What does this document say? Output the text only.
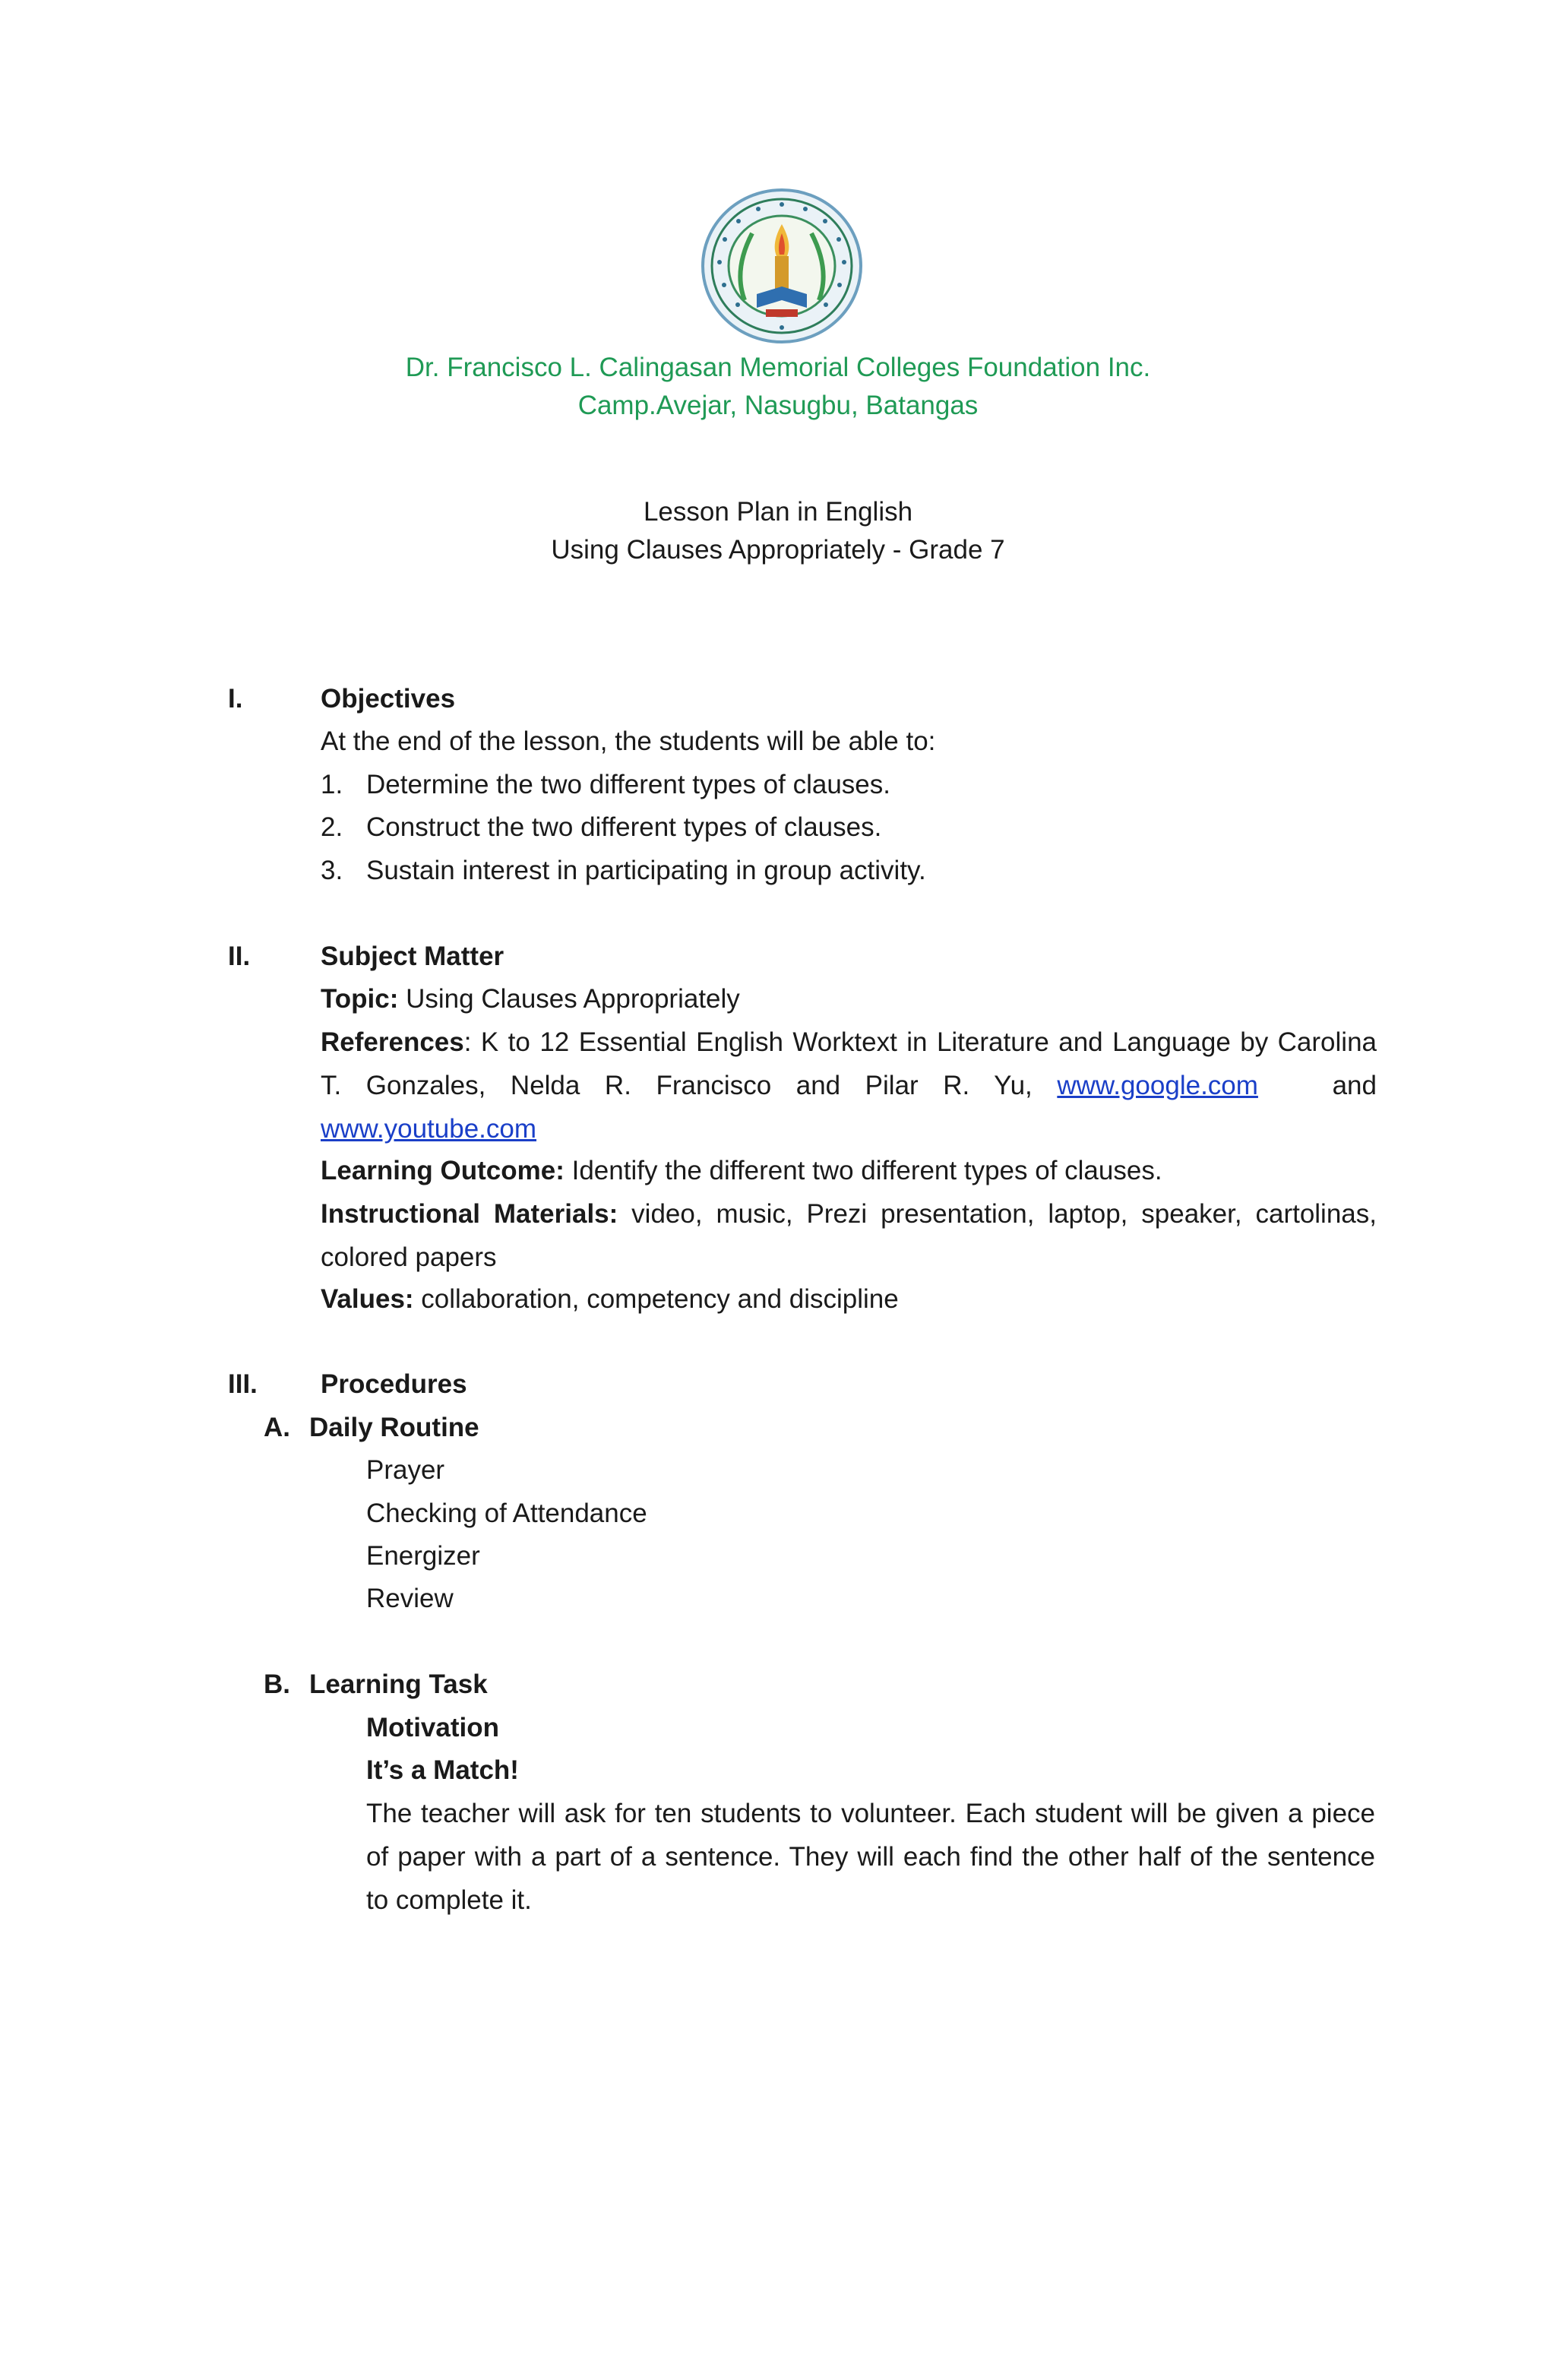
Dr. Francisco L. Calingasan Memorial Colleges Foundation Inc.
Camp.Avejar, Nasugbu, Batangas
Lesson Plan in English
Using Clauses Appropriately - Grade 7
I.	Objectives
At the end of the lesson, the students will be able to:
1. Determine the two different types of clauses.
2. Construct the two different types of clauses.
3. Sustain interest in participating in group activity.
II.	Subject Matter
Topic: Using Clauses Appropriately
References: K to 12 Essential English Worktext in Literature and Language by Carolina T. Gonzales, Nelda R. Francisco and Pilar R. Yu, www.google.com	and www.youtube.com
Learning Outcome: Identify the different two different types of clauses.
Instructional Materials: video, music, Prezi presentation, laptop, speaker, cartolinas, colored papers
Values: collaboration, competency and discipline
III. Procedures
A. Daily Routine
Prayer
Checking of Attendance
Energizer
Review
B. Learning Task
Motivation
It’s a Match!
The teacher will ask for ten students to volunteer. Each student will be given a piece of paper with a part of a sentence. They will each find the other half of the sentence to complete it.
